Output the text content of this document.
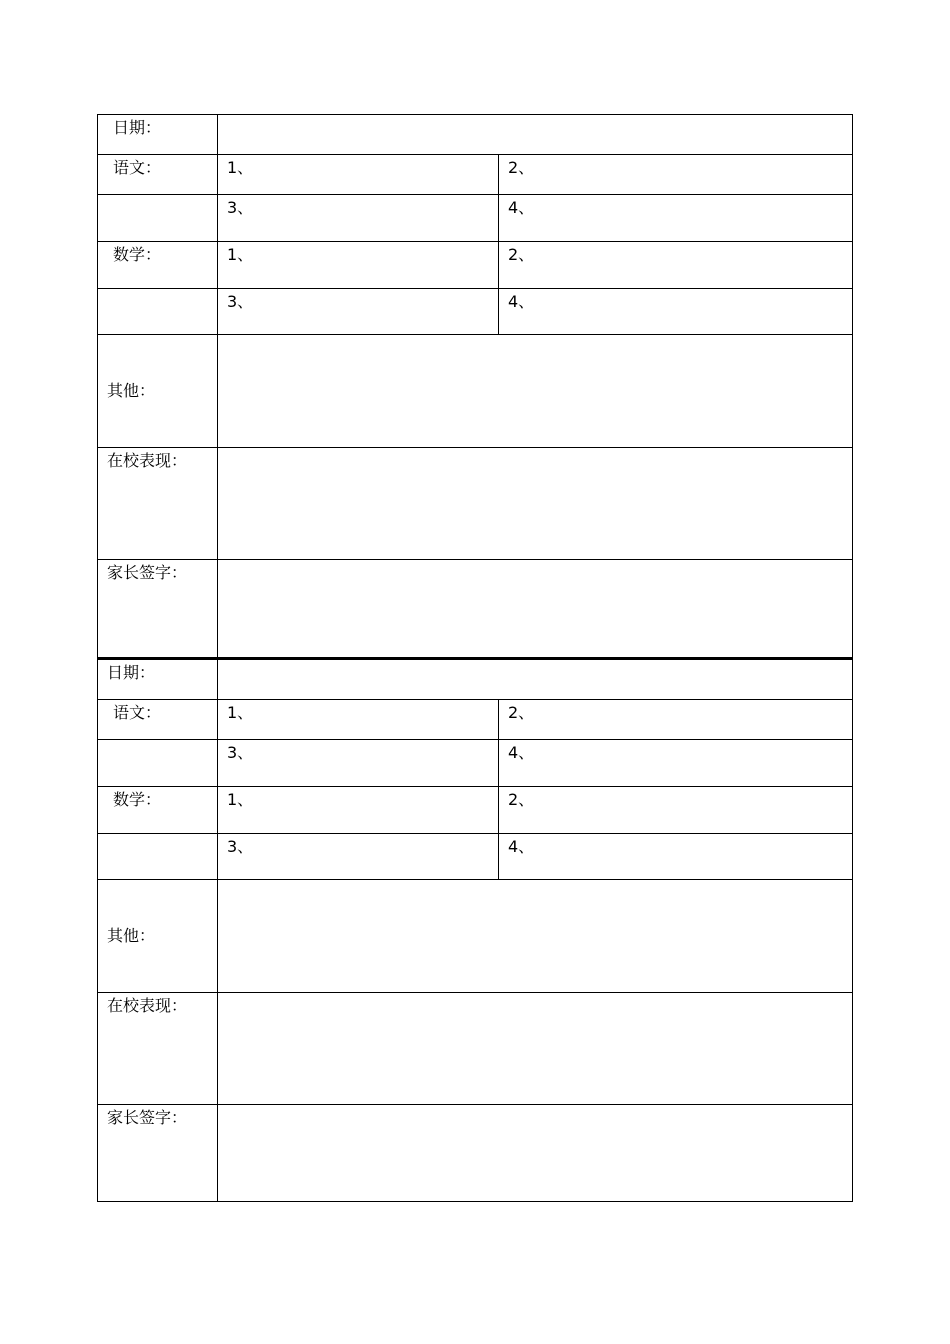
日期：		
语文：	1、	2、
	3、	4、
数学：	1、	2、
	3、	4、
其他：		
在校表现：		
家长签字：		
日期：		
语文：	1、	2、
	3、	4、
数学：	1、	2、
	3、	4、
其他：		
在校表现：		
家长签字：		
